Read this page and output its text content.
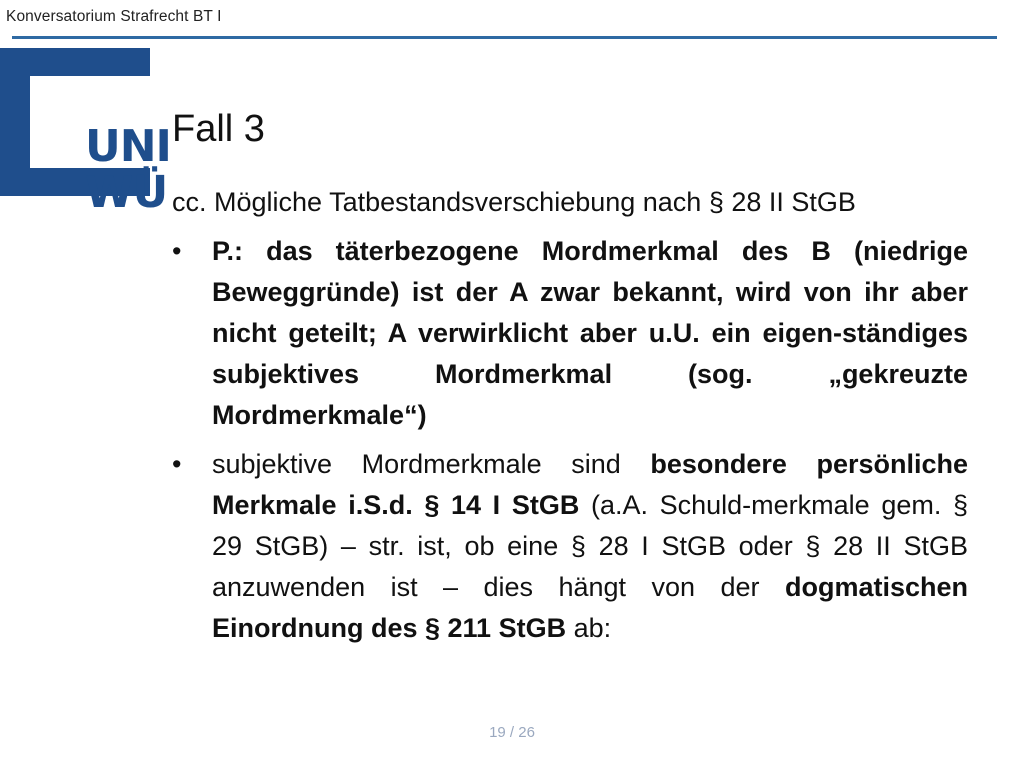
Konversatorium Strafrecht BT I
UNI
WÜ
Fall 3
cc. Mögliche Tatbestandsverschiebung nach § 28 II StGB
• P.: das täterbezogene Mordmerkmal des B (niedrige Beweggründe) ist der A zwar bekannt, wird von ihr aber nicht geteilt; A verwirklicht aber u.U. ein eigen-ständiges subjektives Mordmerkmal (sog. „gekreuzte Mordmerkmale“)
• subjektive Mordmerkmale sind besondere persönliche Merkmale i.S.d. § 14 I StGB (a.A. Schuld-merkmale gem. § 29 StGB) – str. ist, ob eine § 28 I StGB oder § 28 II StGB anzuwenden ist – dies hängt von der dogmatischen Einordnung des § 211 StGB ab:
19 / 26
